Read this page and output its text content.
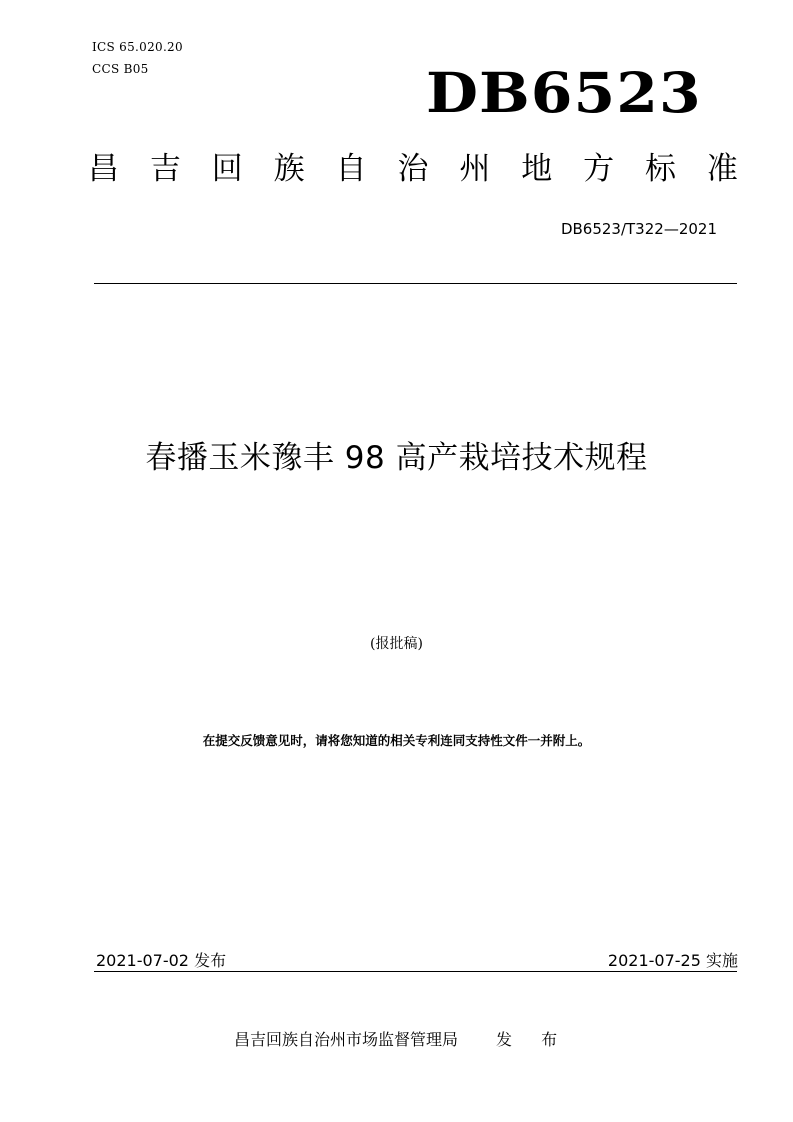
ICS 65.020.20
CCS B05	DB6523
昌 吉 回 族 自 治 州 地 方 标 准
DB6523/T322—2021
春播玉米豫丰 98 高产栽培技术规程
(报批稿)
在提交反馈意见时，请将您知道的相关专利连同支持性文件一并附上。
2021-07-02 发布	2021-07-25 实施
昌吉回族自治州市场监督管理局 发 布
